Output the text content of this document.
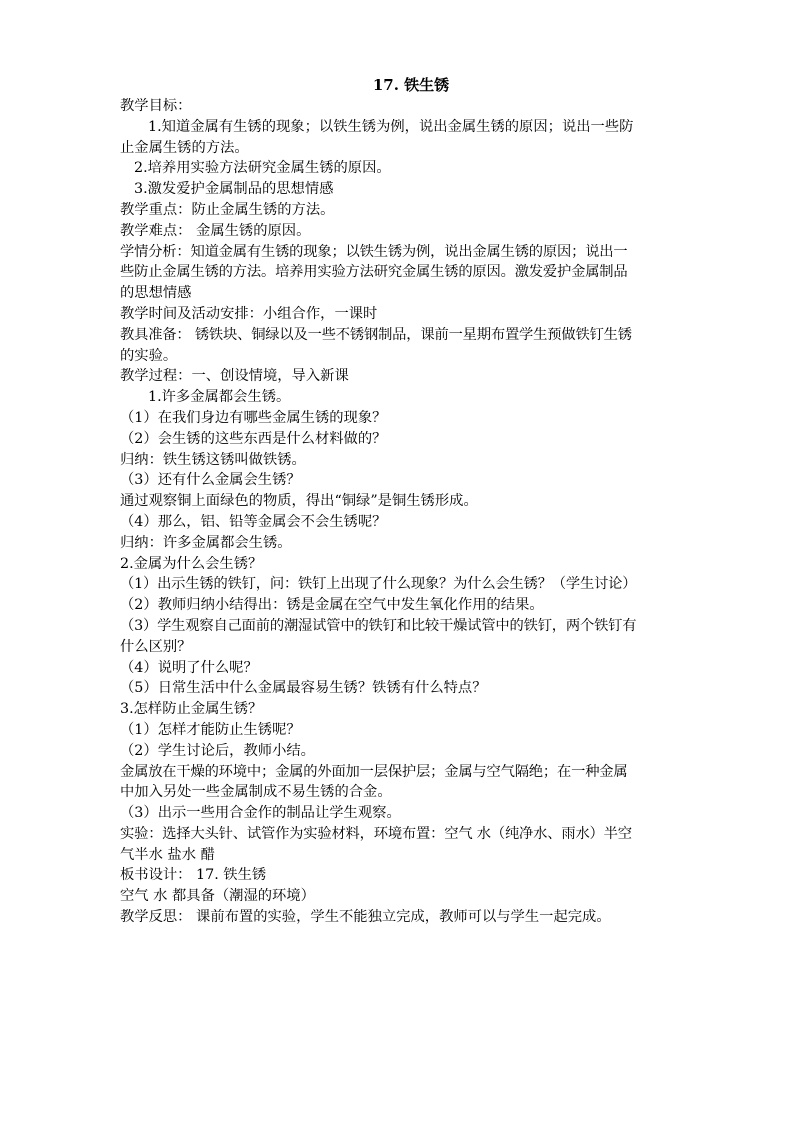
17. 铁生锈

教学目标：

1.知道金属有生锈的现象；以铁生锈为例，说出金属生锈的原因；说出一些防

止金属生锈的方法。

2.培养用实验方法研究金属生锈的原因。

3.激发爱护金属制品的思想情感

教学重点：防止金属生锈的方法。

教学难点： 金属生锈的原因。

学情分析：知道金属有生锈的现象；以铁生锈为例，说出金属生锈的原因；说出一

些防止金属生锈的方法。培养用实验方法研究金属生锈的原因。激发爱护金属制品

的思想情感

教学时间及活动安排：小组合作，一课时

教具准备： 锈铁块、铜绿以及一些不锈钢制品，课前一星期布置学生预做铁钉生锈

的实验。

教学过程：一、创设情境，导入新课

1.许多金属都会生锈。

（1）在我们身边有哪些金属生锈的现象？

（2）会生锈的这些东西是什么材料做的？

归纳：铁生锈这锈叫做铁锈。

（3）还有什么金属会生锈？

通过观察铜上面绿色的物质，得出“铜绿”是铜生锈形成。

（4）那么，铝、铅等金属会不会生锈呢？

归纳：许多金属都会生锈。

2.金属为什么会生锈？

（1）出示生锈的铁钉，问：铁钉上出现了什么现象？为什么会生锈？（学生讨论）

（2）教师归纳小结得出：锈是金属在空气中发生氧化作用的结果。

（3）学生观察自己面前的潮湿试管中的铁钉和比较干燥试管中的铁钉，两个铁钉有

什么区别？

（4）说明了什么呢？

（5）日常生活中什么金属最容易生锈？铁锈有什么特点？

3.怎样防止金属生锈？

（1）怎样才能防止生锈呢？

（2）学生讨论后，教师小结。

金属放在干燥的环境中；金属的外面加一层保护层；金属与空气隔绝；在一种金属

中加入另处一些金属制成不易生锈的合金。

（3）出示一些用合金作的制品让学生观察。

实验：选择大头针、试管作为实验材料，环境布置：空气 水（纯净水、雨水）半空

气半水 盐水 醋

板书设计： 17. 铁生锈

空气 水 都具备（潮湿的环境）

教学反思： 课前布置的实验，学生不能独立完成，教师可以与学生一起完成。
